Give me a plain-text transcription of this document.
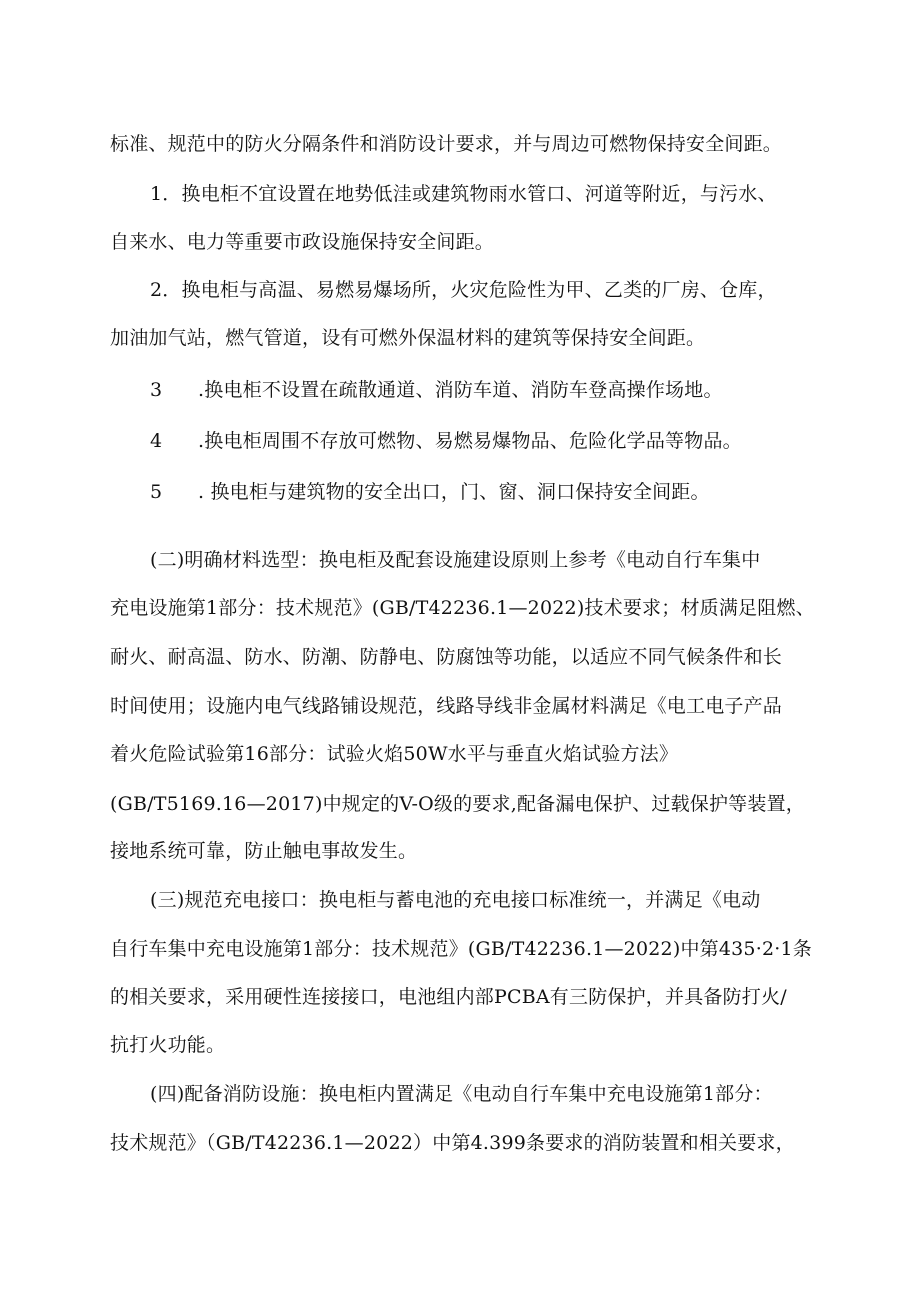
标准、规范中的防火分隔条件和消防设计要求，并与周边可燃物保持安全间距。
1．换电柜不宜设置在地势低洼或建筑物雨水管口、河道等附近，与污水、
自来水、电力等重要市政设施保持安全间距。
2．换电柜与高温、易燃易爆场所，火灾危险性为甲、乙类的厂房、仓库，
加油加气站，燃气管道，设有可燃外保温材料的建筑等保持安全间距。
3 .换电柜不设置在疏散通道、消防车道、消防车登高操作场地。
4 .换电柜周围不存放可燃物、易燃易爆物品、危险化学品等物品。
5 . 换电柜与建筑物的安全出口，门、窗、洞口保持安全间距。
(二)明确材料选型：换电柜及配套设施建设原则上参考《电动自行车集中
充电设施第1部分：技术规范》(GB/T42236.1—2022)技术要求；材质满足阻燃、
耐火、耐高温、防水、防潮、防静电、防腐蚀等功能，以适应不同气候条件和长
时间使用；设施内电气线路铺设规范，线路导线非金属材料满足《电工电子产品
着火危险试验第16部分：试验火焰50W水平与垂直火焰试验方法》
(GB/T5169.16—2017)中规定的V-O级的要求,配备漏电保护、过载保护等装置，
接地系统可靠，防止触电事故发生。
(三)规范充电接口：换电柜与蓄电池的充电接口标准统一，并满足《电动
自行车集中充电设施第1部分：技术规范》(GB/T42236.1—2022)中第435·2·1条
的相关要求，采用硬性连接接口，电池组内部PCBA有三防保护，并具备防打火/
抗打火功能。
(四)配备消防设施：换电柜内置满足《电动自行车集中充电设施第1部分：
技术规范》（GB/T42236.1—2022）中第4.399条要求的消防装置和相关要求，
